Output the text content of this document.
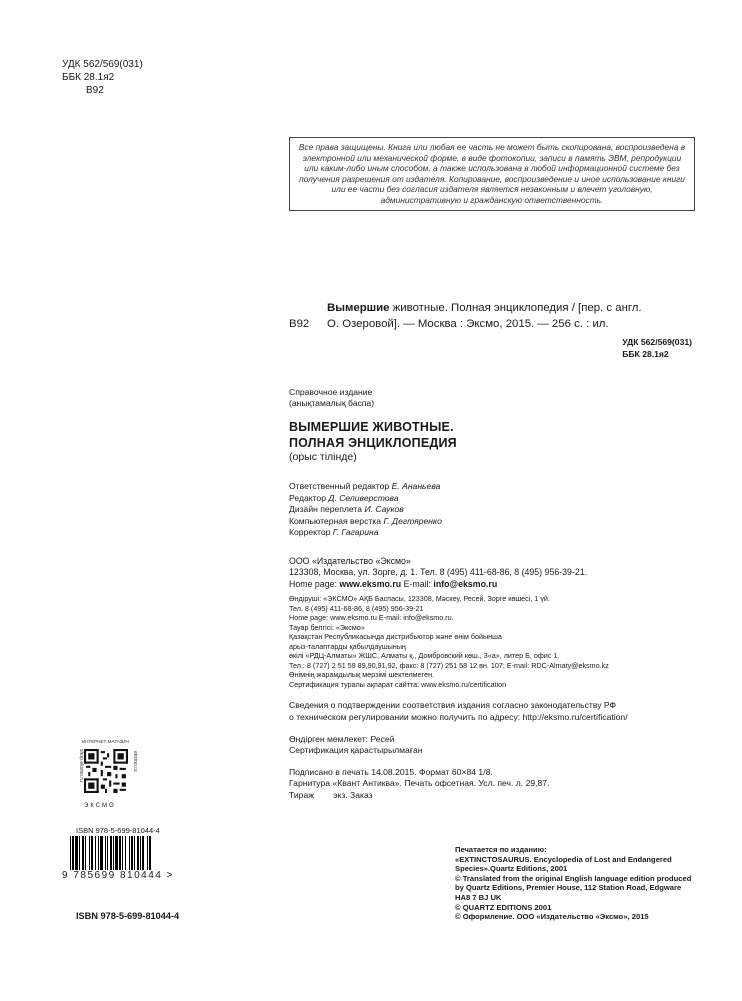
УДК 562/569(031)
ББК 28.1я2
В92
Все права защищены. Книга или любая ее часть не может быть скопирована, воспроизведена в электронной или механической форме, в виде фотокопии, записи в память ЭВМ, репродукции или каким-либо иным способом, а также использована в любой информационной системе без получения разрешения от издателя. Копирование, воспроизведение и иное использование книги или ее части без согласия издателя является незаконным и влечет уголовную, административную и гражданскую ответственность.
Вымершие животные. Полная энциклопедия / [пер. с англ.
В92 О. Озеровой]. — Москва : Эксмо, 2015. — 256 с. : ил.
УДК 562/569(031)
ББК 28.1я2
Справочное издание
(анықтамалық баспа)
ВЫМЕРШИЕ ЖИВОТНЫЕ.
ПОЛНАЯ ЭНЦИКЛОПЕДИЯ
(орыс тілінде)
Ответственный редактор Е. Ананьева
Редактор Д. Селиверстова
Дизайн переплета И. Сауков
Компьютерная верстка Г. Дегтяренко
Корректор Г. Гагарина
ООО «Издательство «Эксмо»
123308, Москва, ул. Зорге, д. 1. Тел. 8 (495) 411-68-86, 8 (495) 956-39-21.
Home page: www.eksmo.ru E-mail: info@eksmo.ru
Өндіруші: «ЭКСМО» АҚБ Баспасы, 123308, Мәскеу, Ресей, Зорге көшесі, 1 үй.
Тел. 8 (495) 411-68-86, 8 (495) 956-39-21
Home page: www.eksmo.ru E-mail: info@eksmo.ru.
Тауар белгісі: «Эксмо»
Қазақстан Республикасында дистрибьютор және өнім бойынша
арыз-талаптарды қабылдаушының
өкілі «РДЦ-Алматы» ЖШС, Алматы қ., Домбровский көш., 3«а», литер Б, офис 1.
Тел.: 8 (727) 2 51 59 89,90,91,92, факс: 8 (727) 251 58 12 вн. 107; E-mail: RDC-Almaty@eksmo.kz
Өнімнің жарамдылық мерзімі шектелмеген.
Сертификация туралы ақпарат сайтта: www.eksmo.ru/certification
Сведения о подтверждении соответствия издания согласно законодательству РФ
о техническом регулировании можно получить по адресу: http://eksmo.ru/certification/
Өндірген мемлекет: Ресей
Сертификация қарастырылмаған
Подписано в печать 14.08.2015. Формат 60×84 1/8.
Гарнитура «Квант Антиква». Печать офсетная. Усл. печ. л. 29,87.
Тираж        экз. Заказ
shop.eksmo.ru
ИНТЕРНЕТ-МАГАЗИН
eksmo.ru
ЭКСМО
ISBN 978-5-699-81044-4
9 785699 810444 >
ISBN 978-5-699-81044-4
Печатается по изданию:
«EXTINCTOSAURUS. Encyclopedia of Lost and Endangered Species».Quartz Editions, 2001
© Translated from the original English language edition produced by Quartz Editions, Premier House, 112 Station Road, Edgware HA8 7 BJ UK
© QUARTZ EDITIONS 2001
© Оформление. ООО «Издательство «Эксмо», 2015
